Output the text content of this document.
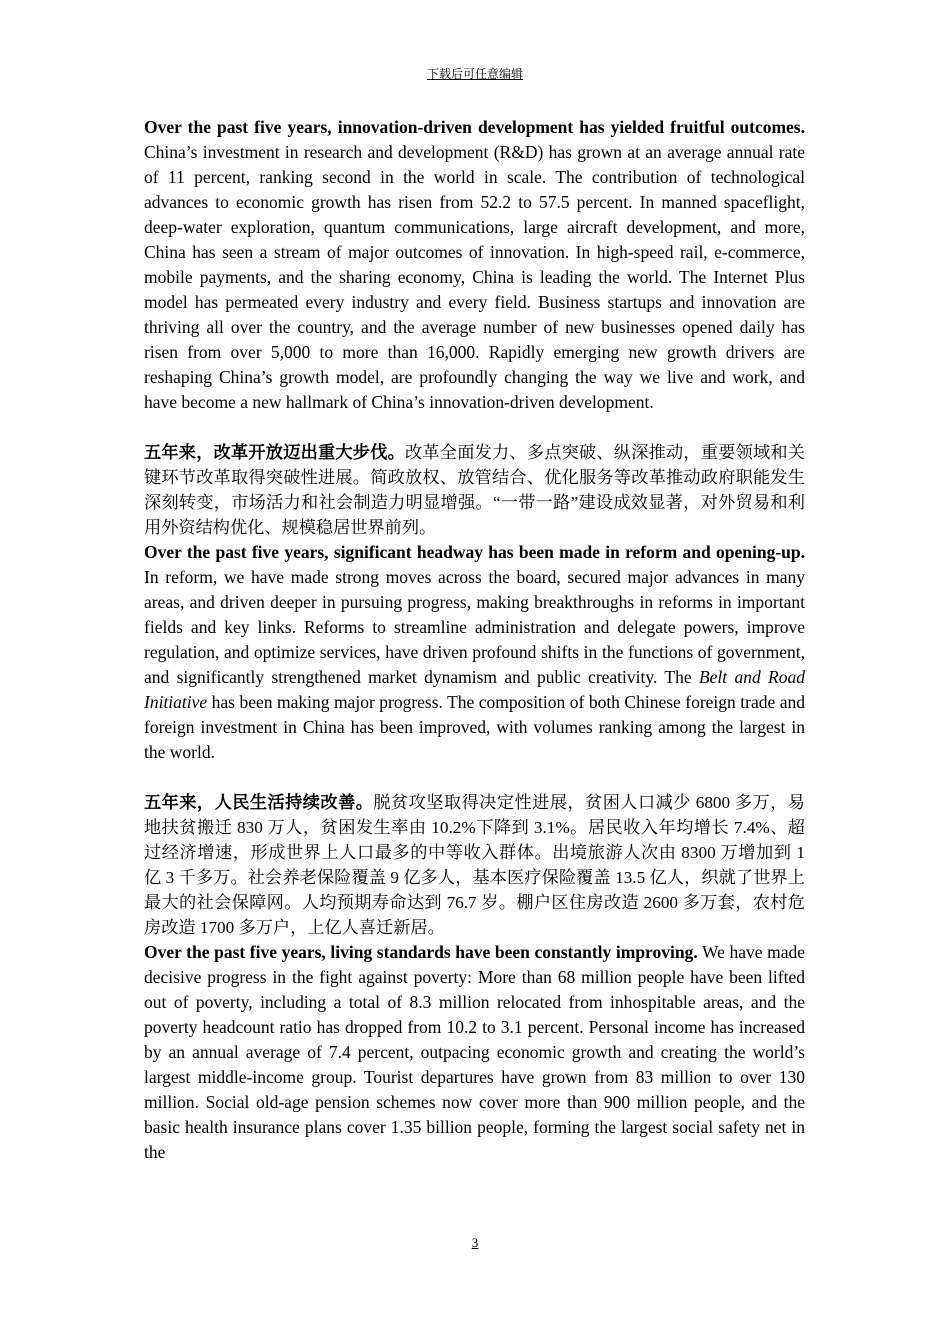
下载后可任意编辑

Over the past five years, innovation-driven development has yielded fruitful outcomes. China’s investment in research and development (R&D) has grown at an average annual rate of 11 percent, ranking second in the world in scale. The contribution of technological advances to economic growth has risen from 52.2 to 57.5 percent. In manned spaceflight, deep-water exploration, quantum communications, large aircraft development, and more, China has seen a stream of major outcomes of innovation. In high-speed rail, e-commerce, mobile payments, and the sharing economy, China is leading the world. The Internet Plus model has permeated every industry and every field. Business startups and innovation are thriving all over the country, and the average number of new businesses opened daily has risen from over 5,000 to more than 16,000. Rapidly emerging new growth drivers are reshaping China’s growth model, are profoundly changing the way we live and work, and have become a new hallmark of China’s innovation-driven development.

五年来，改革开放迈出重大步伐。改革全面发力、多点突破、纵深推动，重要领域和关键环节改革取得突破性进展。简政放权、放管结合、优化服务等改革推动政府职能发生深刻转变，市场活力和社会制造力明显增强。“一带一路”建设成效显著，对外贸易和利用外资结构优化、规模稳居世界前列。

Over the past five years, significant headway has been made in reform and opening-up. In reform, we have made strong moves across the board, secured major advances in many areas, and driven deeper in pursuing progress, making breakthroughs in reforms in important fields and key links. Reforms to streamline administration and delegate powers, improve regulation, and optimize services, have driven profound shifts in the functions of government, and significantly strengthened market dynamism and public creativity. The Belt and Road Initiative has been making major progress. The composition of both Chinese foreign trade and foreign investment in China has been improved, with volumes ranking among the largest in the world.

五年来，人民生活持续改善。脱贫攻坚取得决定性进展，贫困人口减少 6800 多万，易地扶贫搬迁 830 万人，贫困发生率由 10.2%下降到 3.1%。居民收入年均增长 7.4%、超过经济增速，形成世界上人口最多的中等收入群体。出境旅游人次由 8300 万增加到 1 亿 3 千多万。社会养老保险覆盖 9 亿多人，基本医疗保险覆盖 13.5 亿人，织就了世界上最大的社会保障网。人均预期寿命达到 76.7 岁。棚户区住房改造 2600 多万套，农村危房改造 1700 多万户，上亿人喜迁新居。

Over the past five years, living standards have been constantly improving. We have made decisive progress in the fight against poverty: More than 68 million people have been lifted out of poverty, including a total of 8.3 million relocated from inhospitable areas, and the poverty headcount ratio has dropped from 10.2 to 3.1 percent. Personal income has increased by an annual average of 7.4 percent, outpacing economic growth and creating the world’s largest middle-income group. Tourist departures have grown from 83 million to over 130 million. Social old-age pension schemes now cover more than 900 million people, and the basic health insurance plans cover 1.35 billion people, forming the largest social safety net in the

3
